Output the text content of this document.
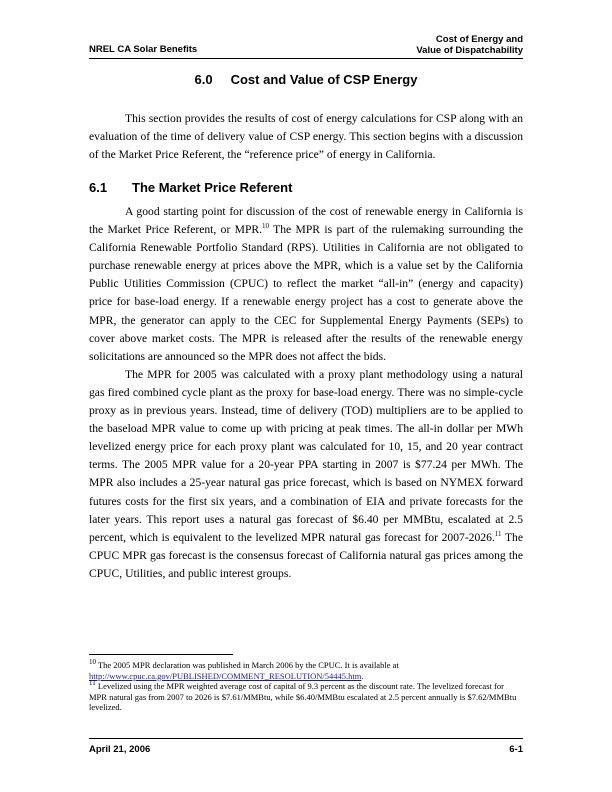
NREL CA Solar Benefits
Cost of Energy and
Value of Dispatchability
6.0 Cost and Value of CSP Energy

This section provides the results of cost of energy calculations for CSP along with an evaluation of the time of delivery value of CSP energy. This section begins with a discussion of the Market Price Referent, the “reference price” of energy in California.

6.1 The Market Price Referent

A good starting point for discussion of the cost of renewable energy in California is the Market Price Referent, or MPR.$^{10}$ The MPR is part of the rulemaking surrounding the California Renewable Portfolio Standard (RPS). Utilities in California are not obligated to purchase renewable energy at prices above the MPR, which is a value set by the California Public Utilities Commission (CPUC) to reflect the market “all-in” (energy and capacity) price for base-load energy. If a renewable energy project has a cost to generate above the MPR, the generator can apply to the CEC for Supplemental Energy Payments (SEPs) to cover above market costs. The MPR is released after the results of the renewable energy solicitations are announced so the MPR does not affect the bids.

The MPR for 2005 was calculated with a proxy plant methodology using a natural gas fired combined cycle plant as the proxy for base-load energy. There was no simple-cycle proxy as in previous years. Instead, time of delivery (TOD) multipliers are to be applied to the baseload MPR value to come up with pricing at peak times. The all-in dollar per MWh levelized energy price for each proxy plant was calculated for 10, 15, and 20 year contract terms. The 2005 MPR value for a 20-year PPA starting in 2007 is $77.24 per MWh. The MPR also includes a 25-year natural gas price forecast, which is based on NYMEX forward futures costs for the first six years, and a combination of EIA and private forecasts for the later years. This report uses a natural gas forecast of $6.40 per MMBtu, escalated at 2.5 percent, which is equivalent to the levelized MPR natural gas forecast for 2007-2026.11 The CPUC MPR gas forecast is the consensus forecast of California natural gas prices among the CPUC, Utilities, and public interest groups.

$^{10}$ The 2005 MPR declaration was published in March 2006 by the CPUC. It is available at
http://www.cpuc.ca.gov/PUBLISHED/COMMENT_RESOLUTION/54445.htm.

$^{11}$ Levelized using the MPR weighted average cost of capital of 9.3 percent as the discount rate. The levelized forecast for MPR natural gas from 2007 to 2026 is $7.61/MMBtu, while $6.40/MMBtu escalated at 2.5 percent annually is $7.62/MMBtu levelized.

April 21, 2006	6-1
